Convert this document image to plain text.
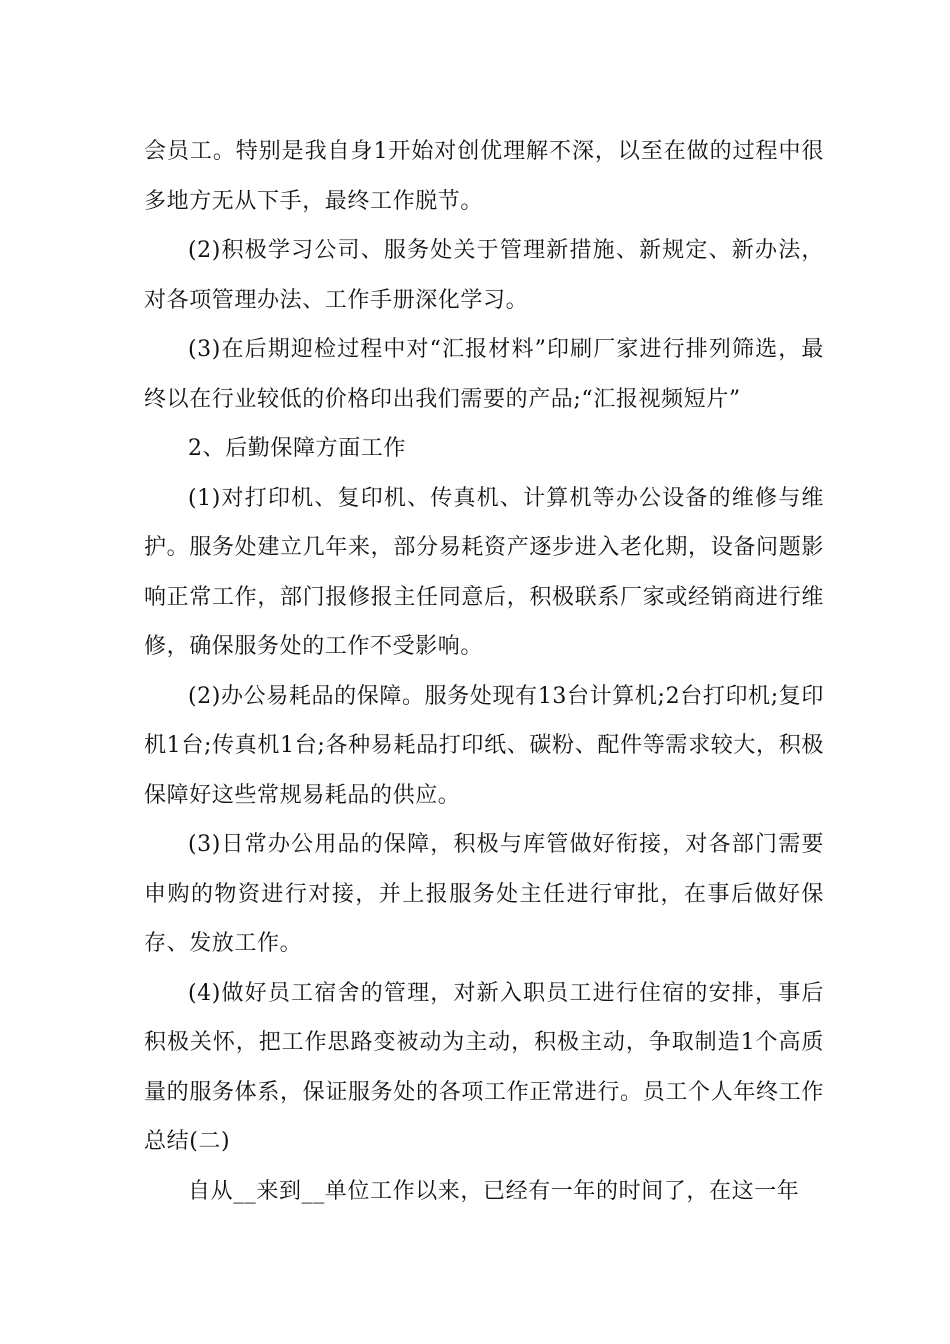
会员工。特别是我自身1开始对创优理解不深，以至在做的过程中很多地方无从下手，最终工作脱节。

(2)积极学习公司、服务处关于管理新措施、新规定、新办法，对各项管理办法、工作手册深化学习。

(3)在后期迎检过程中对“汇报材料”印刷厂家进行排列筛选，最终以在行业较低的价格印出我们需要的产品;“汇报视频短片”

2、后勤保障方面工作

(1)对打印机、复印机、传真机、计算机等办公设备的维修与维护。服务处建立几年来，部分易耗资产逐步进入老化期，设备问题影响正常工作，部门报修报主任同意后，积极联系厂家或经销商进行维修，确保服务处的工作不受影响。

(2)办公易耗品的保障。服务处现有13台计算机;2台打印机;复印机1台;传真机1台;各种易耗品打印纸、碳粉、配件等需求较大，积极保障好这些常规易耗品的供应。

(3)日常办公用品的保障，积极与库管做好衔接，对各部门需要申购的物资进行对接，并上报服务处主任进行审批，在事后做好保存、发放工作。

(4)做好员工宿舍的管理，对新入职员工进行住宿的安排，事后积极关怀，把工作思路变被动为主动，积极主动，争取制造1个高质量的服务体系，保证服务处的各项工作正常进行。员工个人年终工作总结(二)

自从__来到__单位工作以来，已经有一年的时间了，在这一年
